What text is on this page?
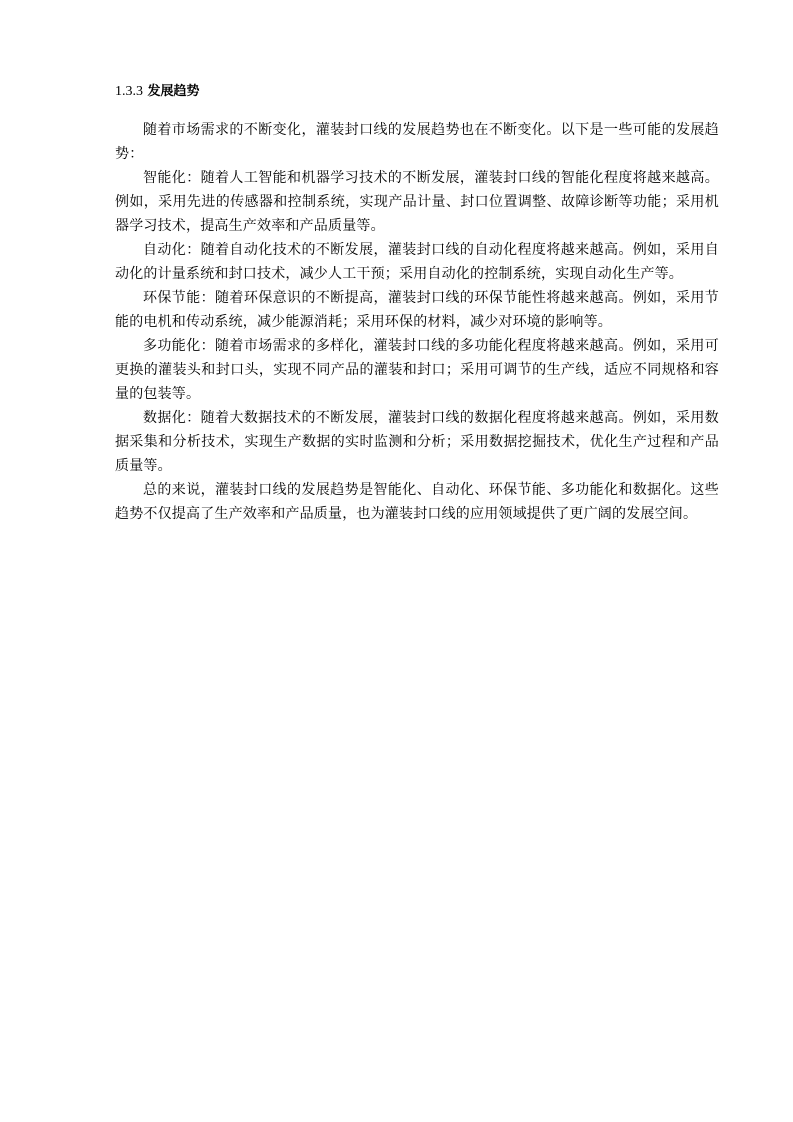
1.3.3 发展趋势

随着市场需求的不断变化，灌装封口线的发展趋势也在不断变化。以下是一些可能的发展趋势：

智能化：随着人工智能和机器学习技术的不断发展，灌装封口线的智能化程度将越来越高。例如，采用先进的传感器和控制系统，实现产品计量、封口位置调整、故障诊断等功能；采用机器学习技术，提高生产效率和产品质量等。

自动化：随着自动化技术的不断发展，灌装封口线的自动化程度将越来越高。例如，采用自动化的计量系统和封口技术，减少人工干预；采用自动化的控制系统，实现自动化生产等。

环保节能：随着环保意识的不断提高，灌装封口线的环保节能性将越来越高。例如，采用节能的电机和传动系统，减少能源消耗；采用环保的材料，减少对环境的影响等。

多功能化：随着市场需求的多样化，灌装封口线的多功能化程度将越来越高。例如，采用可更换的灌装头和封口头，实现不同产品的灌装和封口；采用可调节的生产线，适应不同规格和容量的包装等。

数据化：随着大数据技术的不断发展，灌装封口线的数据化程度将越来越高。例如，采用数据采集和分析技术，实现生产数据的实时监测和分析；采用数据挖掘技术，优化生产过程和产品质量等。

总的来说，灌装封口线的发展趋势是智能化、自动化、环保节能、多功能化和数据化。这些趋势不仅提高了生产效率和产品质量，也为灌装封口线的应用领域提供了更广阔的发展空间。
